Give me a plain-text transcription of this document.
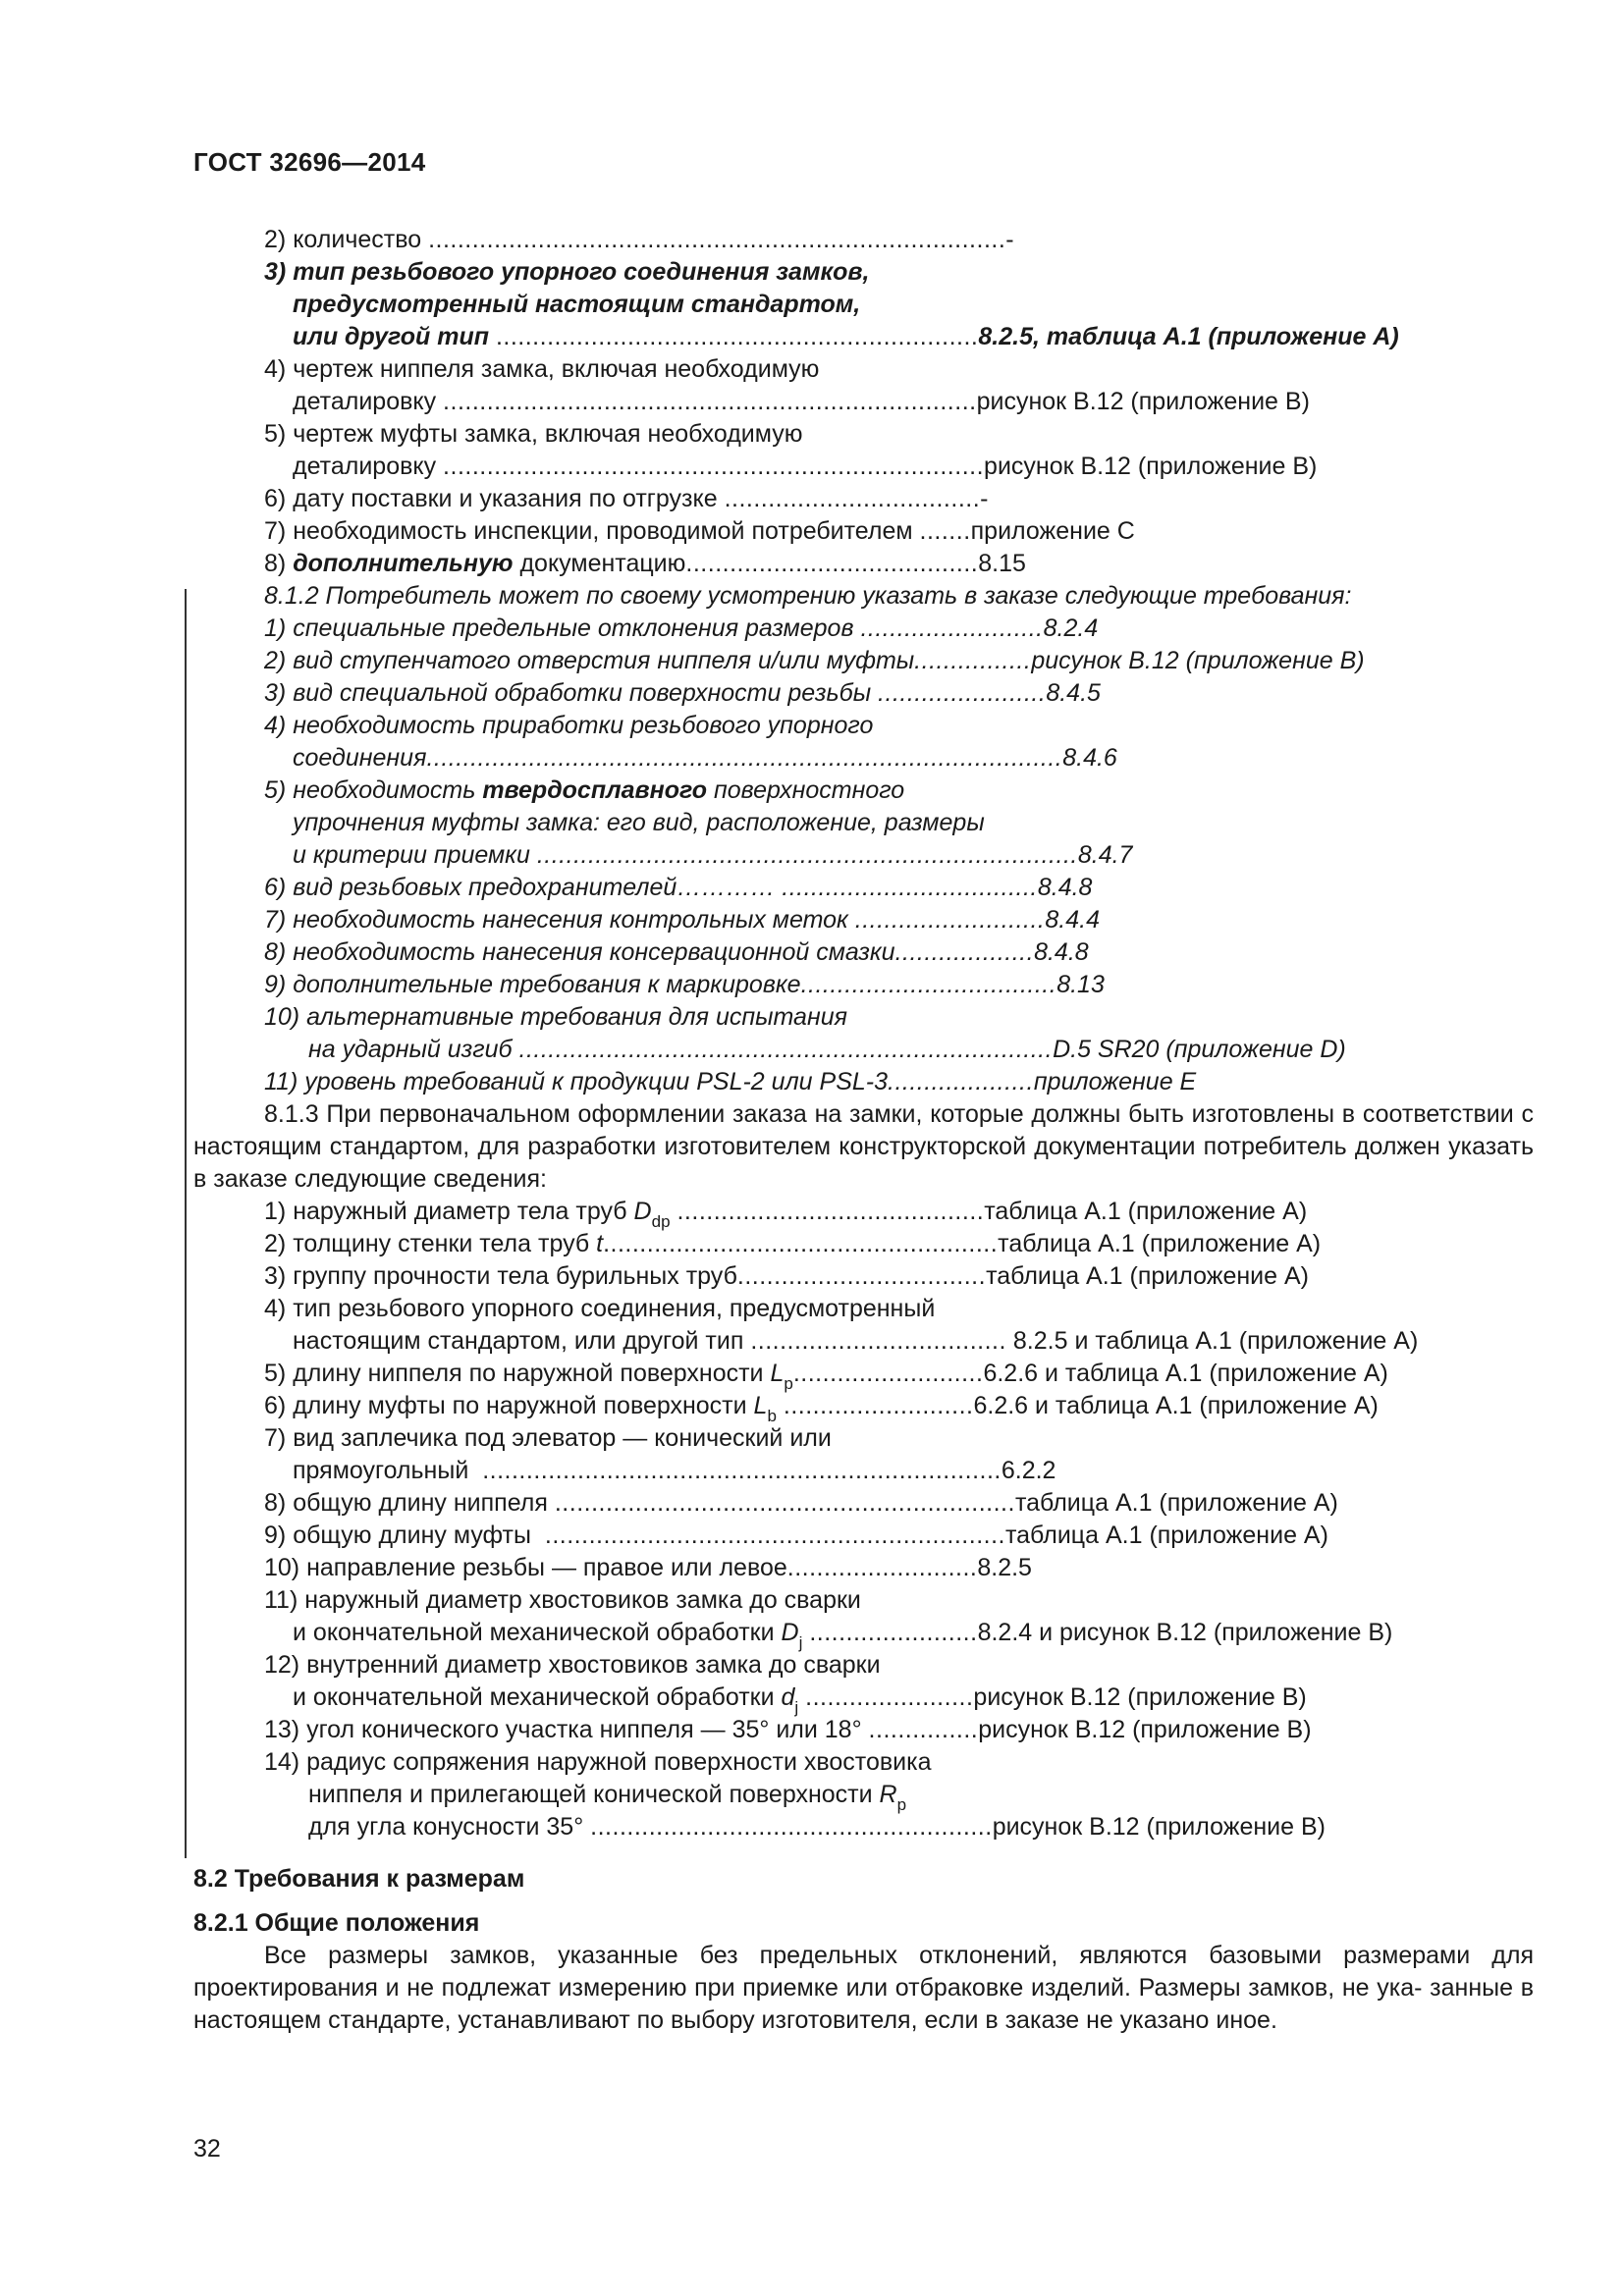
ГОСТ 32696—2014
2) количество ...............................................................................-
3) тип резьбового упорного соединения замков,
предусмотренный настоящим стандартом,
или другой тип ..................................................................8.2.5, таблица А.1 (приложение А)
4) чертеж ниппеля замка, включая необходимую
деталировку .........................................................................рисунок В.12 (приложение В)
5) чертеж муфты замка, включая необходимую
деталировку ..........................................................................рисунок В.12 (приложение В)
6) дату поставки и указания по отгрузке ...................................-
7) необходимость инспекции, проводимой потребителем .......приложение С
8) дополнительную документацию........................................8.15
8.1.2 Потребитель может по своему усмотрению указать в заказе следующие требования:
1) специальные предельные отклонения размеров .........................8.2.4
2) вид ступенчатого отверстия ниппеля и/или муфты................рисунок В.12 (приложение В)
3) вид специальной обработки поверхности резьбы .......................8.4.5
4) необходимость приработки резьбового упорного
соединения.......................................................................................8.4.6
5) необходимость твердосплавного поверхностного
упрочнения муфты замка: его вид, расположение, размеры
и критерии приемки ..........................................................................8.4.7
6) вид резьбовых предохранителей………… ...................................8.4.8
7) необходимость нанесения контрольных меток ..........................8.4.4
8) необходимость нанесения консервационной смазки...................8.4.8
9) дополнительные требования к маркировке...................................8.13
10) альтернативные требования для испытания
на ударный изгиб .........................................................................D.5 SR20 (приложение D)
11) уровень требований к продукции PSL-2 или PSL-3....................приложение Е
8.1.3 При первоначальном оформлении заказа на замки, которые должны быть изготовлены в соответствии с настоящим стандартом, для разработки изготовителем конструкторской документации потребитель должен указать в заказе следующие сведения:
1) наружный диаметр тела труб $D_{dp}$ ..........................................таблица А.1 (приложение А)
2) толщину стенки тела труб t......................................................таблица А.1 (приложение А)
3) группу прочности тела бурильных труб..................................таблица А.1 (приложение А)
4) тип резьбового упорного соединения, предусмотренный
настоящим стандартом, или другой тип ................................... 8.2.5 и таблица А.1 (приложение А)
5) длину ниппеля по наружной поверхности $L_p..........................6.2.6$ и таблица А.1 (приложение А)
6) длину муфты по наружной поверхности $L_b$ ..........................6.2.6 и таблица А.1 (приложение А)
7) вид заплечика под элеватор — конический или
прямоугольный .......................................................................6.2.2
8) общую длину ниппеля ...............................................................таблица А.1 (приложение А)
9) общую длину муфты ...............................................................таблица А.1 (приложение А)
10) направление резьбы — правое или левое..........................8.2.5
11) наружный диаметр хвостовиков замка до сварки
и окончательной механической обработки $D_j$ .......................8.2.4 и рисунок В.12 (приложение В)
12) внутренний диаметр хвостовиков замка до сварки
и окончательной механической обработки $d_j$ .......................рисунок В.12 (приложение В)
13) угол конического участка ниппеля — 35° или 18° ...............рисунок В.12 (приложение В)
14) радиус сопряжения наружной поверхности хвостовика
ниппеля и прилегающей конической поверхности $R_p$
для угла конусности 35° .......................................................рисунок В.12 (приложение В)
8.2 Требования к размерам
8.2.1 Общие положения
Все размеры замков, указанные без предельных отклонений, являются базовыми размерами для проектирования и не подлежат измерению при приемке или отбраковке изделий. Размеры замков, не ука- занные в настоящем стандарте, устанавливают по выбору изготовителя, если в заказе не указано иное.
32
